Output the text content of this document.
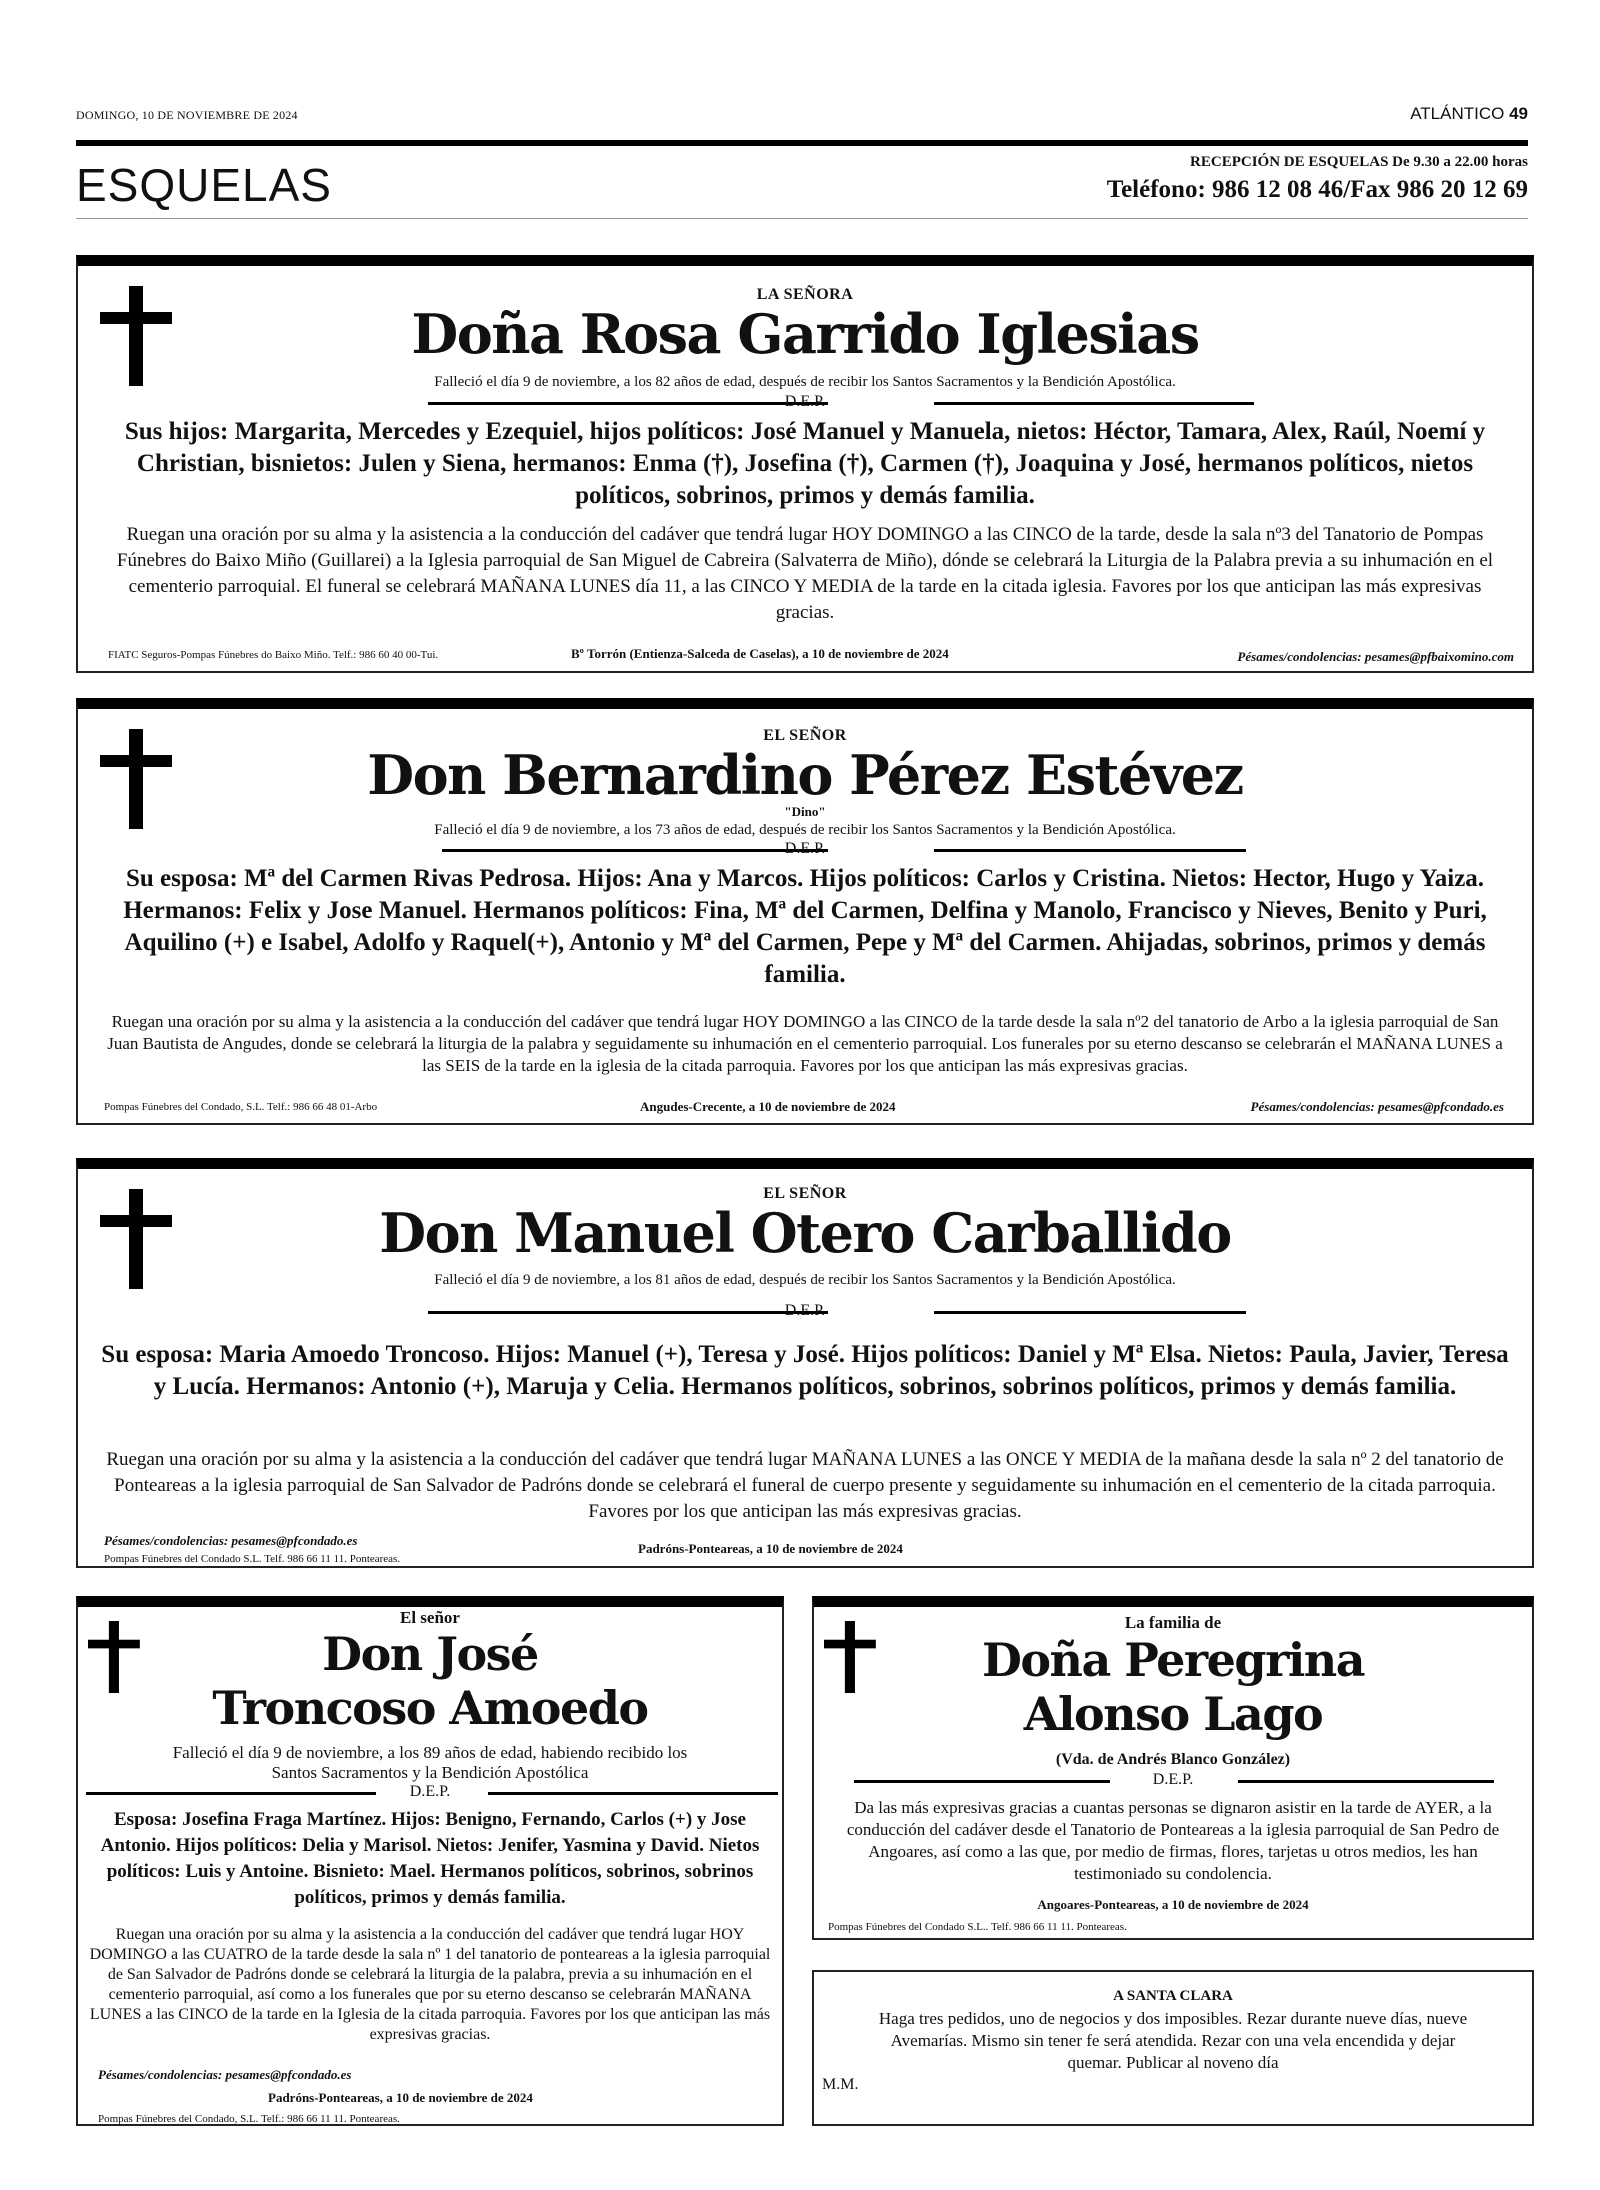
DOMINGO, 10 DE NOVIEMBRE DE 2024	ATLÁNTICO 49
ESQUELAS	RECEPCIÓN DE ESQUELAS De 9.30 a 22.00 horas
Teléfono: 986 12 08 46/Fax 986 20 12 69
LA SEÑORA
Doña Rosa Garrido Iglesias
Falleció el día 9 de noviembre, a los 82 años de edad, después de recibir los Santos Sacramentos y la Bendición Apostólica.
D.E.P.
Sus hijos: Margarita, Mercedes y Ezequiel, hijos políticos: José Manuel y Manuela, nietos: Héctor, Tamara, Alex, Raúl, Noemí y Christian, bisnietos: Julen y Siena, hermanos: Enma (†), Josefina (†), Carmen (†), Joaquina y José, hermanos políticos, nietos políticos, sobrinos, primos y demás familia.
Ruegan una oración por su alma y la asistencia a la conducción del cadáver que tendrá lugar HOY DOMINGO a las CINCO de la tarde, desde la sala nº3 del Tanatorio de Pompas Fúnebres do Baixo Miño (Guillarei) a la Iglesia parroquial de San Miguel de Cabreira (Salvaterra de Miño), dónde se celebrará la Liturgia de la Palabra previa a su inhumación en el cementerio parroquial. El funeral se celebrará MAÑANA LUNES día 11, a las CINCO Y MEDIA de la tarde en la citada iglesia. Favores por los que anticipan las más expresivas gracias.
FIATC Seguros-Pompas Fúnebres do Baixo Miño. Telf.: 986 60 40 00-Tui.	Bº Torrón (Entienza-Salceda de Caselas), a 10 de noviembre de 2024	Pésames/condolencias: pesames@pfbaixomino.com
EL SEÑOR
Don Bernardino Pérez Estévez
"Dino"
Falleció el día 9 de noviembre, a los 73 años de edad, después de recibir los Santos Sacramentos y la Bendición Apostólica.
D.E.P.
Su esposa: Mª del Carmen Rivas Pedrosa. Hijos: Ana y Marcos. Hijos políticos: Carlos y Cristina. Nietos: Hector, Hugo y Yaiza. Hermanos: Felix y Jose Manuel. Hermanos políticos: Fina, Mª del Carmen, Delfina y Manolo, Francisco y Nieves, Benito y Puri, Aquilino (+) e Isabel, Adolfo y Raquel(+), Antonio y Mª del Carmen, Pepe y Mª del Carmen. Ahijadas, sobrinos, primos y demás familia.
Ruegan una oración por su alma y la asistencia a la conducción del cadáver que tendrá lugar HOY DOMINGO a las CINCO de la tarde desde la sala nº2 del tanatorio de Arbo a la iglesia parroquial de San Juan Bautista de Angudes, donde se celebrará la liturgia de la palabra y seguidamente su inhumación en el cementerio parroquial. Los funerales por su eterno descanso se celebrarán el MAÑANA LUNES a las SEIS de la tarde en la iglesia de la citada parroquia. Favores por los que anticipan las más expresivas gracias.
Pompas Fúnebres del Condado, S.L. Telf.: 986 66 48 01-Arbo	Angudes-Crecente, a 10 de noviembre de 2024	Pésames/condolencias: pesames@pfcondado.es
EL SEÑOR
Don Manuel Otero Carballido
Falleció el día 9 de noviembre, a los 81 años de edad, después de recibir los Santos Sacramentos y la Bendición Apostólica.
D.E.P.
Su esposa: Maria Amoedo Troncoso. Hijos: Manuel (+), Teresa y José. Hijos políticos: Daniel y Mª Elsa. Nietos: Paula, Javier, Teresa y Lucía. Hermanos: Antonio (+), Maruja y Celia. Hermanos políticos, sobrinos, sobrinos políticos, primos y demás familia.
Ruegan una oración por su alma y la asistencia a la conducción del cadáver que tendrá lugar MAÑANA LUNES a las ONCE Y MEDIA de la mañana desde la sala nº 2 del tanatorio de Ponteareas a la iglesia parroquial de San Salvador de Padróns donde se celebrará el funeral de cuerpo presente y seguidamente su inhumación en el cementerio de la citada parroquia. Favores por los que anticipan las más expresivas gracias.
Pésames/condolencias: pesames@pfcondado.es
Pompas Fúnebres del Condado S.L. Telf. 986 66 11 11. Ponteareas.
Padróns-Ponteareas, a 10 de noviembre de 2024
El señor
Don José
Troncoso Amoedo
Falleció el día 9 de noviembre, a los 89 años de edad, habiendo recibido los Santos Sacramentos y la Bendición Apostólica
D.E.P.
Esposa: Josefina Fraga Martínez. Hijos: Benigno, Fernando, Carlos (+) y Jose Antonio. Hijos políticos: Delia y Marisol. Nietos: Jenifer, Yasmina y David. Nietos políticos: Luis y Antoine. Bisnieto: Mael. Hermanos políticos, sobrinos, sobrinos políticos, primos y demás familia.
Ruegan una oración por su alma y la asistencia a la conducción del cadáver que tendrá lugar HOY DOMINGO a las CUATRO de la tarde desde la sala nº 1 del tanatorio de ponteareas a la iglesia parroquial de San Salvador de Padróns donde se celebrará la liturgia de la palabra, previa a su inhumación en el cementerio parroquial, así como a los funerales que por su eterno descanso se celebrarán MAÑANA LUNES a las CINCO de la tarde en la Iglesia de la citada parroquia. Favores por los que anticipan las más expresivas gracias.
Pésames/condolencias: pesames@pfcondado.es
Padróns-Ponteareas, a 10 de noviembre de 2024
Pompas Fúnebres del Condado, S.L. Telf.: 986 66 11 11. Ponteareas.
La familia de
Doña Peregrina
Alonso Lago
(Vda. de Andrés Blanco González)
D.E.P.
Da las más expresivas gracias a cuantas personas se dignaron asistir en la tarde de AYER, a la conducción del cadáver desde el Tanatorio de Ponteareas a la iglesia parroquial de San Pedro de Angoares, así como a las que, por medio de firmas, flores, tarjetas u otros medios, les han testimoniado su condolencia.
Angoares-Ponteareas, a 10 de noviembre de 2024
Pompas Fúnebres del Condado S.L.. Telf. 986 66 11 11. Ponteareas.
A SANTA CLARA
Haga tres pedidos, uno de negocios y dos imposibles. Rezar durante nueve días, nueve Avemarías. Mismo sin tener fe será atendida. Rezar con una vela encendida y dejar quemar. Publicar al noveno día
M.M.
